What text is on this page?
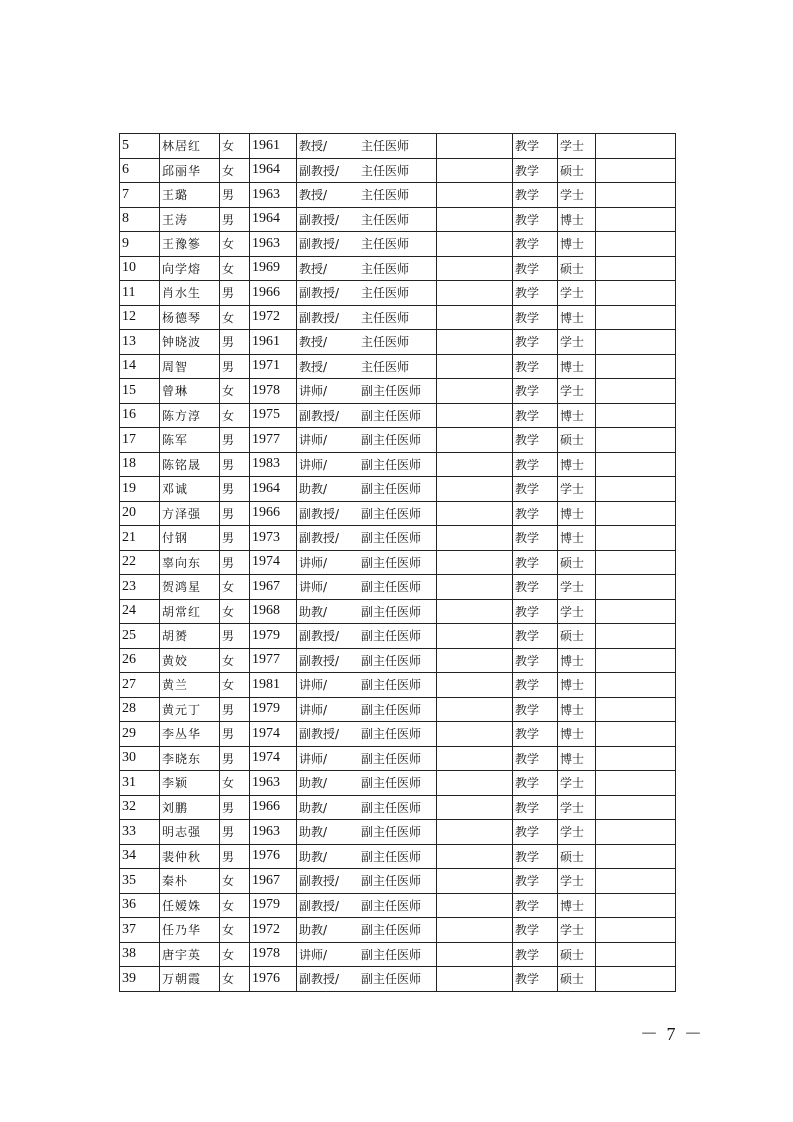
5	林居红	女	1961	教授/ 主任医师		教学	学士	
6	邱丽华	女	1964	副教授/ 主任医师		教学	硕士	
7	王璐	男	1963	教授/ 主任医师		教学	学士	
8	王涛	男	1964	副教授/ 主任医师		教学	博士	
9	王豫篸	女	1963	副教授/ 主任医师		教学	博士	
10	向学熔	女	1969	教授/ 主任医师		教学	硕士	
11	肖水生	男	1966	副教授/ 主任医师		教学	学士	
12	杨德琴	女	1972	副教授/ 主任医师		教学	博士	
13	钟晓波	男	1961	教授/ 主任医师		教学	学士	
14	周智	男	1971	教授/ 主任医师		教学	博士	
15	曾琳	女	1978	讲师/ 副主任医师		教学	学士	
16	陈方淳	女	1975	副教授/ 副主任医师		教学	博士	
17	陈军	男	1977	讲师/ 副主任医师		教学	硕士	
18	陈铭晟	男	1983	讲师/ 副主任医师		教学	博士	
19	邓诚	男	1964	助教/ 副主任医师		教学	学士	
20	方泽强	男	1966	副教授/ 副主任医师		教学	博士	
21	付钢	男	1973	副教授/ 副主任医师		教学	博士	
22	辜向东	男	1974	讲师/ 副主任医师		教学	硕士	
23	贺鸿星	女	1967	讲师/ 副主任医师		教学	学士	
24	胡常红	女	1968	助教/ 副主任医师		教学	学士	
25	胡赟	男	1979	副教授/ 副主任医师		教学	硕士	
26	黄姣	女	1977	副教授/ 副主任医师		教学	博士	
27	黄兰	女	1981	讲师/ 副主任医师		教学	博士	
28	黄元丁	男	1979	讲师/ 副主任医师		教学	博士	
29	李丛华	男	1974	副教授/ 副主任医师		教学	博士	
30	李晓东	男	1974	讲师/ 副主任医师		教学	博士	
31	李颖	女	1963	助教/ 副主任医师		教学	学士	
32	刘鹏	男	1966	助教/ 副主任医师		教学	学士	
33	明志强	男	1963	助教/ 副主任医师		教学	学士	
34	裴仲秋	男	1976	助教/ 副主任医师		教学	硕士	
35	秦朴	女	1967	副教授/ 副主任医师		教学	学士	
36	任嫒姝	女	1979	副教授/ 副主任医师		教学	博士	
37	任乃华	女	1972	助教/ 副主任医师		教学	学士	
38	唐宇英	女	1978	讲师/ 副主任医师		教学	硕士	
39	万朝霞	女	1976	副教授/ 副主任医师		教学	硕士	
－ 7 －
